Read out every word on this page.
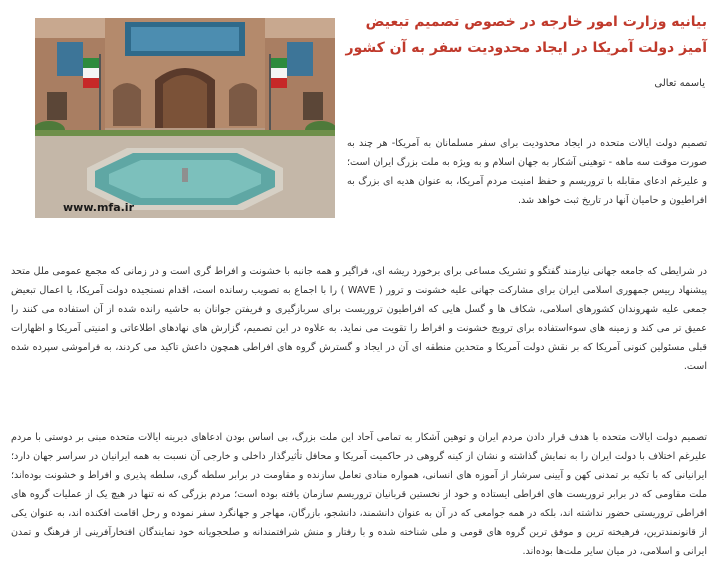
بیانیه وزارت امور خارجه در خصوص تصمیم تبعیض آمیز دولت آمریکا در ایجاد محدودیت سفر به آن کشور

یاسمه تعالی

www.mfa.ir

تصمیم دولت ایالات متحده در ایجاد محدودیت برای سفر مسلمانان به آمریکا- هر چند به صورت موقت سه ماهه - توهینی آشکار به جهان اسلام و به ویژه به ملت بزرگ ایران است؛ و علیرغم ادعای مقابله با تروریسم و حفظ امنیت مردم آمریکا، به عنوان هدیه ای بزرگ به افراطیون و حامیان آنها در تاریخ ثبت خواهد شد.

در شرایطی که جامعه جهانی نیازمند گفتگو و تشریک مساعی برای برخورد ریشه ای، فراگیر و همه جانبه با خشونت و افراط گری است و در زمانی که مجمع عمومی ملل متحد پیشنهاد رییس جمهوری اسلامی ایران برای مشارکت جهانی علیه خشونت و ترور ( WAVE ) را با اجماع به تصویب رسانده است، اقدام نسنجیده دولت آمریکا، یا اعمال تبعیض جمعی علیه شهروندان کشورهای اسلامی، شکاف ها و گسل هایی که افراطیون تروریست برای سربازگیری و فریفتن جوانان به حاشیه رانده شده از آن استفاده می کنند را عمیق تر می کند و زمینه های سوءاستفاده برای ترویج خشونت و افراط را تقویت می نماید. به علاوه در این تصمیم، گزارش های نهادهای اطلاعاتی و امنیتی آمریکا و اظهارات قبلی مسئولین کنونی آمریکا که بر نقش دولت آمریکا و متحدین منطقه ای آن در ایجاد و گسترش گروه های افراطی همچون داعش تاکید می کردند، به فراموشی سپرده شده است.

تصمیم دولت ایالات متحده با هدف قرار دادن مردم ایران و توهین آشکار به تمامی آحاد این ملت بزرگ، بی اساس بودن ادعاهای دیرینه ایالات متحده مبنی بر دوستی با مردم علیرغم اختلاف با دولت ایران را به نمایش گذاشته و نشان از کینه گروهی در حاکمیت آمریکا و محافل تأثیرگذار داخلی و خارجی آن نسبت به همه ایرانیان در سراسر جهان دارد؛ ایرانیانی که با تکیه بر تمدنی کهن و آیینی سرشار از آموزه های انسانی، همواره منادی تعامل سازنده و مقاومت در برابر سلطه گری، سلطه پذیری و افراط و خشونت بوده‌اند؛ ملت مقاومی که در برابر تروریست های افراطی ایستاده و خود از نخستین قربانیان تروریسم سازمان یافته بوده است؛ مردم بزرگی که نه تنها در هیچ یک از عملیات گروه های افراطی تروریستی حضور نداشته اند، بلکه در همه جوامعی که در آن به عنوان دانشمند، دانشجو، بازرگان، مهاجر و جهانگرد سفر نموده و رحل اقامت افکنده اند، به عنوان یکی از قانونمندترین، فرهیخته ترین و موفق ترین گروه های قومی و ملی شناخته شده و با رفتار و منش شرافتمندانه و صلحجویانه خود نمایندگان افتخارآفرینی از فرهنگ و تمدن ایرانی و اسلامی، در میان سایر ملت‌ها بوده‌اند.
